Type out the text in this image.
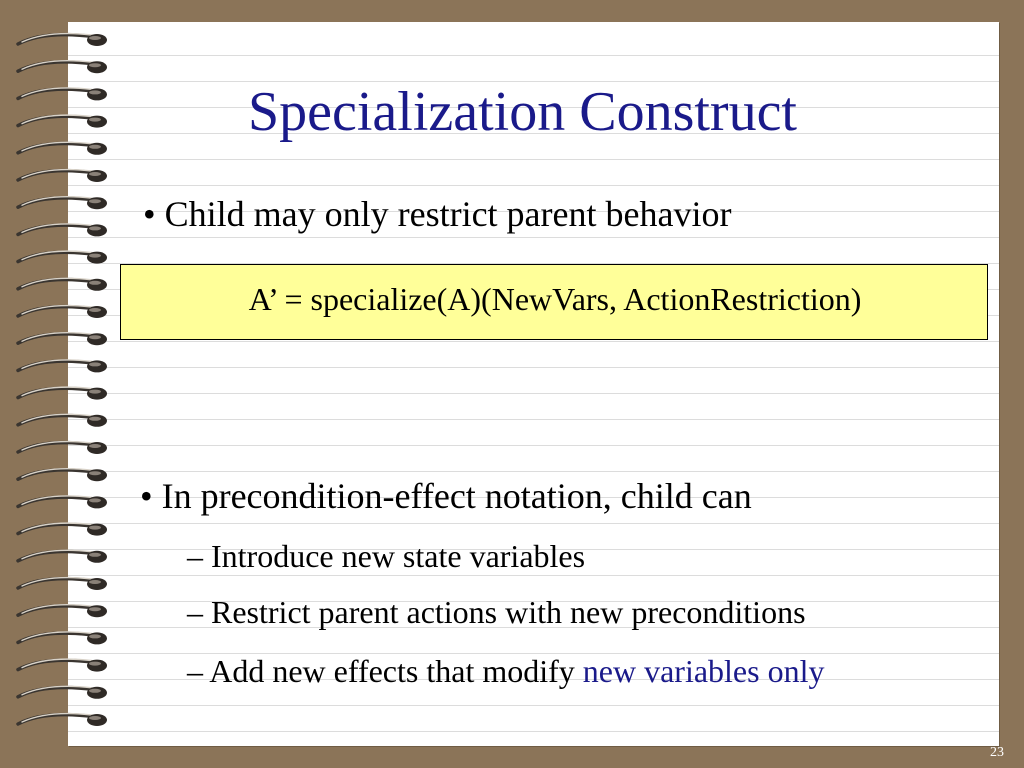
Specialization Construct
• Child may only restrict parent behavior
A’ = specialize(A)(NewVars, ActionRestriction)
• In precondition-effect notation, child can
– Introduce new state variables
– Restrict parent actions with new preconditions
– Add new effects that modify new variables only
23
